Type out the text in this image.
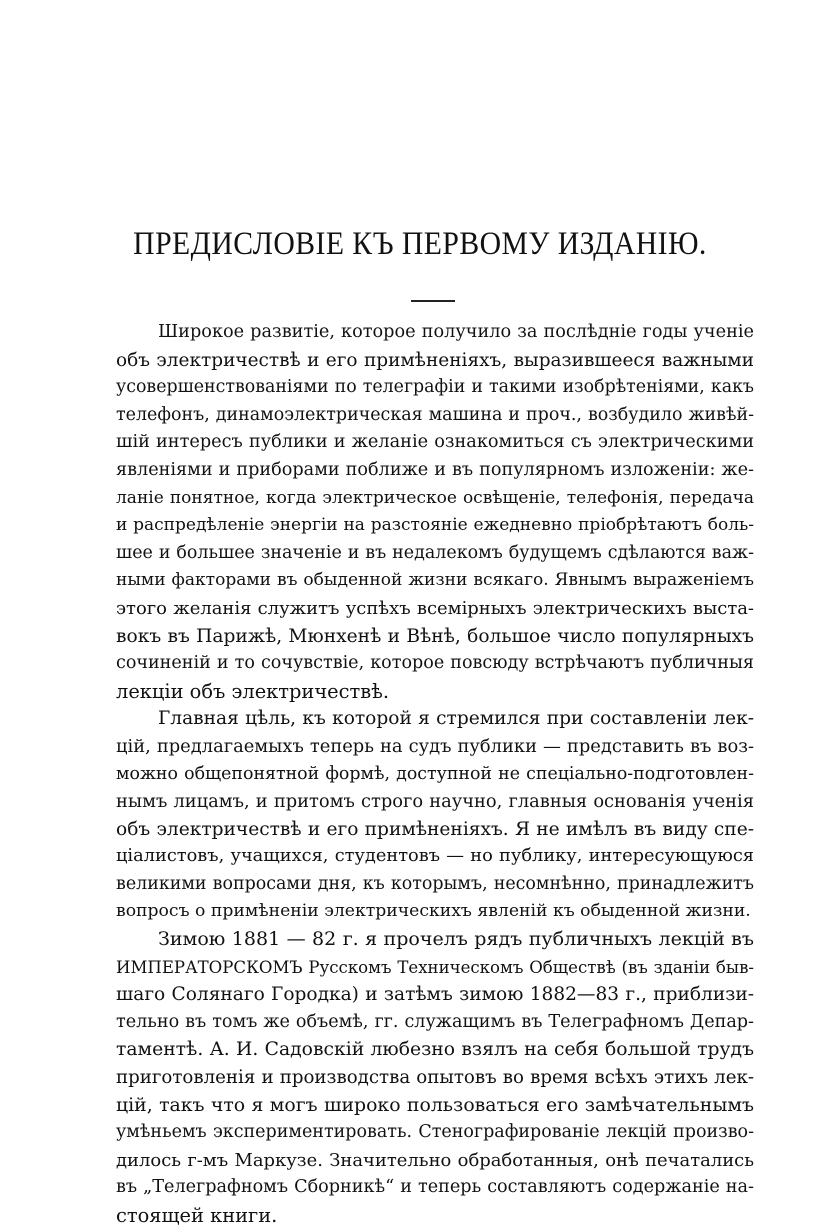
ПРЕДИСЛОВІЕ КЪ ПЕРВОМУ ИЗДАНІЮ.
Широкое развитіе, которое получило за послѣдніе годы ученіе
объ электричествѣ и его примѣненіяхъ, выразившееся важными
усовершенствованіями по телеграфіи и такими изобрѣтеніями, какъ
телефонъ, динамоэлектрическая машина и проч., возбудило живѣй-
шій интересъ публики и желаніе ознакомиться съ электрическими
явленіями и приборами поближе и въ популярномъ изложеніи: же-
ланіе понятное, когда электрическое освѣщеніе, телефонія, передача
и распредѣленіе энергіи на разстояніе ежедневно пріобрѣтаютъ боль-
шее и большее значеніе и въ недалекомъ будущемъ сдѣлаются важ-
ными факторами въ обыденной жизни всякаго. Явнымъ выраженіемъ
этого желанія служитъ успѣхъ всемірныхъ электрическихъ выста-
вокъ въ Парижѣ, Мюнхенѣ и Вѣнѣ, большое число популярныхъ
сочиненій и то сочувствіе, которое повсюду встрѣчаютъ публичныя
лекціи объ электричествѣ.
Главная цѣль, къ которой я стремился при составленіи лек-
цій, предлагаемыхъ теперь на судъ публики — представить въ воз-
можно общепонятной формѣ, доступной не спеціально-подготовлен-
нымъ лицамъ, и притомъ строго научно, главныя основанія ученія
объ электричествѣ и его примѣненіяхъ. Я не имѣлъ въ виду спе-
ціалистовъ, учащихся, студентовъ — но публику, интересующуюся
великими вопросами дня, къ которымъ, несомнѣнно, принадлежитъ
вопросъ о примѣненіи электрическихъ явленій къ обыденной жизни.
Зимою 1881 — 82 г. я прочелъ рядъ публичныхъ лекцій въ
ИМПЕРАТОРСКОМЪ Русскомъ Техническомъ Обществѣ (въ зданіи быв-
шаго Солянаго Городка) и затѣмъ зимою 1882—83 г., приблизи-
тельно въ томъ же объемѣ, гг. служащимъ въ Телеграфномъ Депар-
таментѣ. А. И. Садовскій любезно взялъ на себя большой трудъ
приготовленія и производства опытовъ во время всѣхъ этихъ лек-
цій, такъ что я могъ широко пользоваться его замѣчательнымъ
умѣньемъ экспериментировать. Стенографированіе лекцій произво-
дилось г-мъ Маркузе. Значительно обработанныя, онѣ печатались
въ „Телеграфномъ Сборникѣ“ и теперь составляютъ содержаніе на-
стоящей книги.
